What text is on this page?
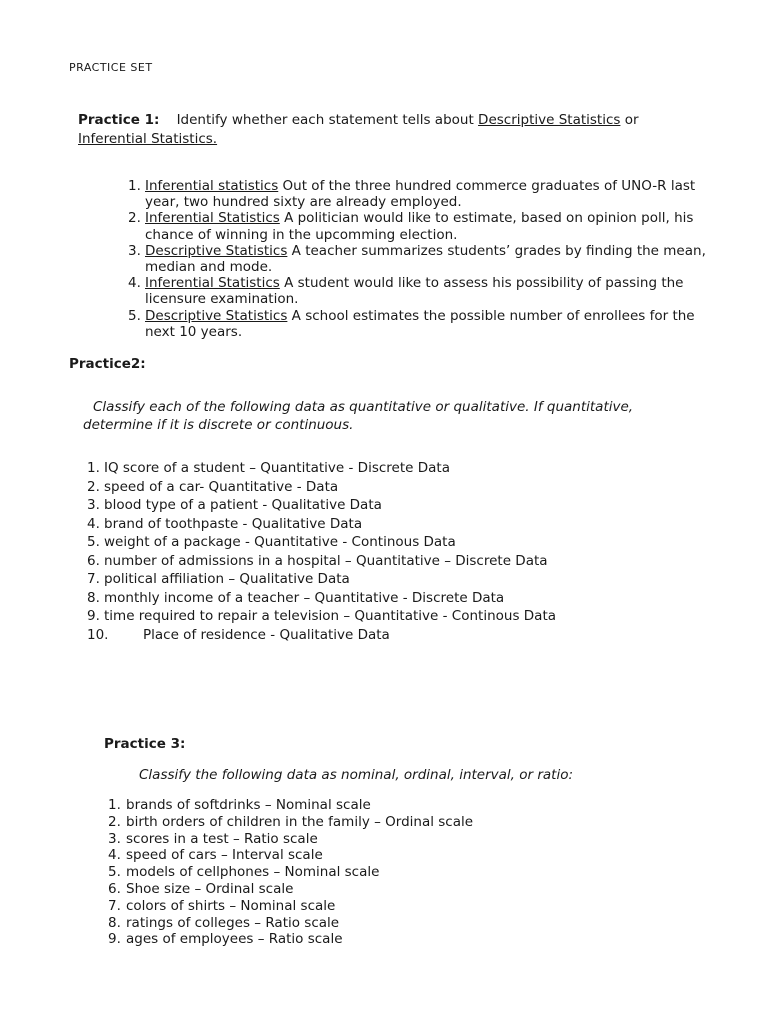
PRACTICE SET
Practice 1: Identify whether each statement tells about Descriptive Statistics or
Inferential Statistics.
1. Inferential statistics Out of the three hundred commerce graduates of UNO-R last year, two hundred sixty are already employed.
2. Inferential Statistics A politician would like to estimate, based on opinion poll, his chance of winning in the upcomming election.
3. Descriptive Statistics A teacher summarizes students’ grades by finding the mean, median and mode.
4. Inferential Statistics A student would like to assess his possibility of passing the licensure examination.
5. Descriptive Statistics A school estimates the possible number of enrollees for the next 10 years.
Practice2:
Classify each of the following data as quantitative or qualitative. If quantitative,
determine if it is discrete or continuous.
1. IQ score of a student – Quantitative - Discrete Data
2. speed of a car- Quantitative - Data
3. blood type of a patient - Qualitative Data
4. brand of toothpaste - Qualitative Data
5. weight of a package - Quantitative - Continous Data
6. number of admissions in a hospital – Quantitative – Discrete Data
7. political affiliation – Qualitative Data
8. monthly income of a teacher – Quantitative - Discrete Data
9. time required to repair a television – Quantitative - Continous Data
10.	Place of residence - Qualitative Data
Practice 3:
Classify the following data as nominal, ordinal, interval, or ratio:
1. brands of softdrinks – Nominal scale
2. birth orders of children in the family – Ordinal scale
3. scores in a test – Ratio scale
4. speed of cars – Interval scale
5. models of cellphones – Nominal scale
6. Shoe size – Ordinal scale
7. colors of shirts – Nominal scale
8. ratings of colleges – Ratio scale
9. ages of employees – Ratio scale
